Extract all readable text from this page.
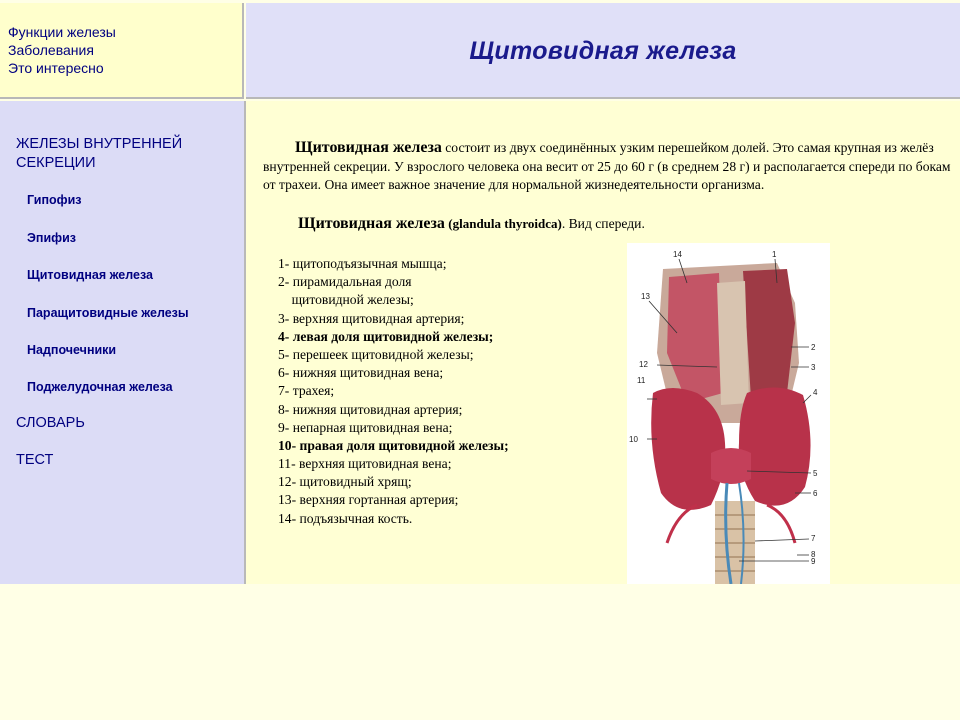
Функции железы
Заболевания
Это интересно
Щитовидная железа
ЖЕЛЕЗЫ ВНУТРЕННЕЙ СЕКРЕЦИИ
Гипофиз
Эпифиз
Щитовидная железа
Паращитовидные железы
Надпочечники
Поджелудочная железа
СЛОВАРЬ
ТЕСТ

Щитовидная железа состоит из двух соединённых узким перешейком долей. Это самая крупная из желёз внутренней секреции. У взрослого человека она весит от 25 до 60 г (в среднем 28 г) и располагается спереди по бокам от трахеи. Она имеет важное значение для нормальной жизнедеятельности организма.

Щитовидная железа (glandula thyroidca). Вид спереди.

1- щитоподъязычная мышца;
2- пирамидальная доля
щитовидной железы;
3- верхняя щитовидная артерия;
4- левая доля щитовидной железы;
5- перешеек щитовидной железы;
6- нижняя щитовидная вена;
7- трахея;
8- нижняя щитовидная артерия;
9- непарная щитовидная вена;
10- правая доля щитовидной железы;
11- верхняя щитовидная вена;
12- щитовидный хрящ;
13- верхняя гортанная артерия;
14- подъязычная кость.
14	1
13
2
12	3
11
4
10
5
6
7
8
9
